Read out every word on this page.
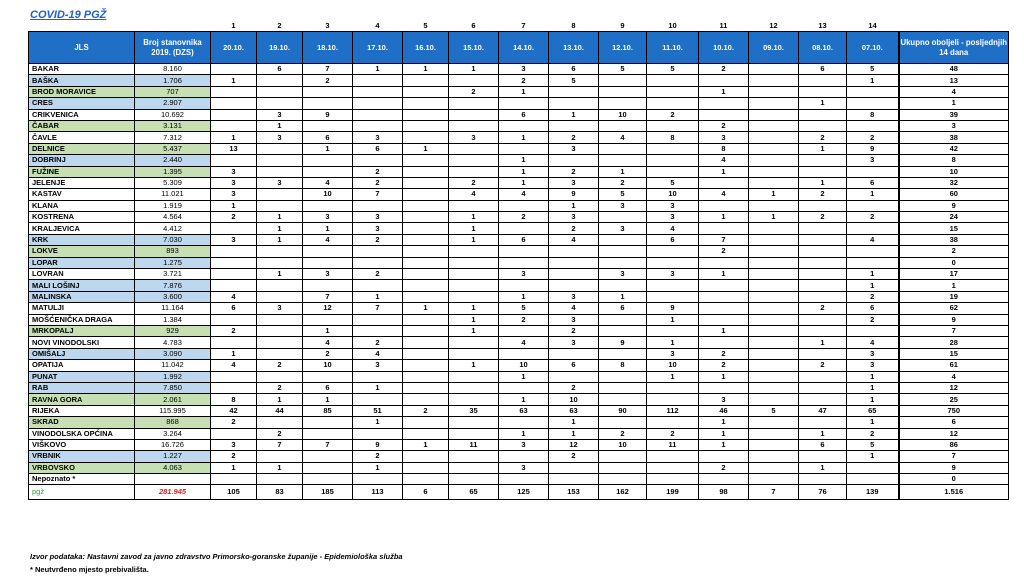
COVID-19 PGŽ
		1	2	3	4	5	6	7	8	9	10	11	12	13	14	
JLS	Broj stanovnika 2019. (DZS)	20.10.	19.10.	18.10.	17.10.	16.10.	15.10.	14.10.	13.10.	12.10.	11.10.	10.10.	09.10.	08.10.	07.10.	Ukupno oboljeli - posljednjih 14 dana
BAKAR	8.160		6	7	1	1	1	3	6	5	5	2		6	5	48
BAŠKA	1.706	1		2				2	5						1	13
BROD MORAVICE	707						2	1				1				4
CRES	2.907													1		1
CRIKVENICA	10.692		3	9				6	1	10	2				8	39
ČABAR	3.131		1									2				3
ČAVLE	7.312	1	3	6	3		3	1	2	4	8	3		2	2	38
DELNICE	5.437	13		1	6	1			3			8		1	9	42
DOBRINJ	2.440							1				4			3	8
FUŽINE	1.395	3			2			1	2	1		1				10
JELENJE	5.309	3	3	4	2		2	1	3	2	5			1	6	32
KASTAV	11.021	3		10	7		4	4	9	5	10	4	1	2	1	60
KLANA	1.919	1							1	3	3					9
KOSTRENA	4.564	2	1	3	3		1	2	3		3	1	1	2	2	24
KRALJEVICA	4.412		1	1	3		1		2	3	4					15
KRK	7.030	3	1	4	2		1	6	4		6	7			4	38
LOKVE	893											2				2
LOPAR	1.275															0
LOVRAN	3.721		1	3	2			3		3	3	1			1	17
MALI LOŠINJ	7.876														1	1
MALINSKA	3.600	4		7	1			1	3	1					2	19
MATULJI	11.164	6	3	12	7	1	1	5	4	6	9			2	6	62
MOŠĆENIČKA DRAGA	1.384						1	2	3		1				2	9
MRKOPALJ	929	2		1			1		2			1				7
NOVI VINODOLSKI	4.783			4	2			4	3	9	1			1	4	28
OMIŠALJ	3.090	1		2	4						3	2			3	15
OPATIJA	11.042	4	2	10	3		1	10	6	8	10	2		2	3	61
PUNAT	1.992							1			1	1			1	4
RAB	7.850		2	6	1				2						1	12
RAVNA GORA	2.061	8	1	1				1	10			3			1	25
RIJEKA	115.995	42	44	85	51	2	35	63	63	90	112	46	5	47	65	750
SKRAD	868	2			1				1			1			1	6
VINODOLSKA OPĆINA	3.264		2					1	1	2	2	1		1	2	12
VIŠKOVO	16.726	3	7	7	9	1	11	3	12	10	11	1		6	5	86
VRBNIK	1.227	2			2				2						1	7
VRBOVSKO	4.063	1	1		1			3				2		1		9
Nepoznato *																0
pgž	281.945	105	83	185	113	6	65	125	153	162	199	98	7	76	139	1.516
Izvor podataka: Nastavni zavod za javno zdravstvo Primorsko-goranske županije - Epidemiološka služba
* Neutvrđeno mjesto prebivališta.
